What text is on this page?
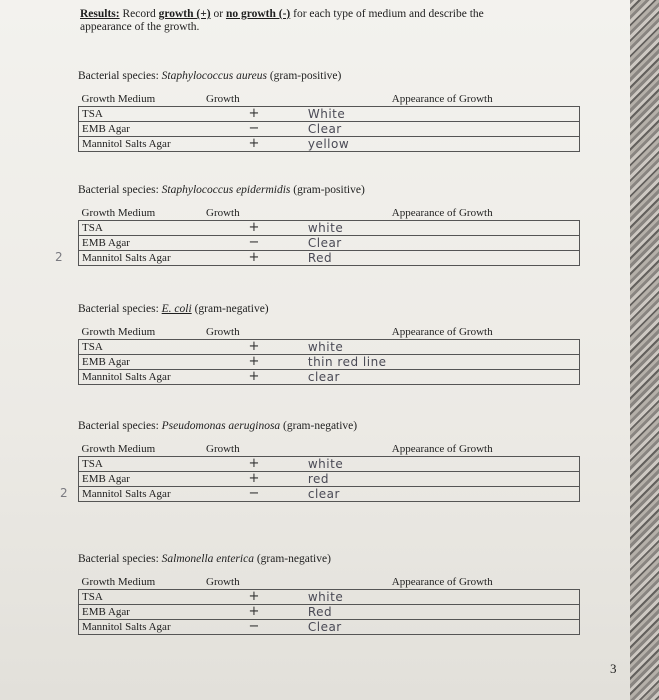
Results: Record growth (+) or no growth (-) for each type of medium and describe the appearance of the growth.
Bacterial species: Staphylococcus aureus (gram-positive)
Growth Medium	Growth	Appearance of Growth
TSA	+	White
EMB Agar	−	Clear
Mannitol Salts Agar	+	yellow
Bacterial species: Staphylococcus epidermidis (gram-positive)
Growth Medium	Growth	Appearance of Growth
TSA	+	white
EMB Agar	−	Clear
Mannitol Salts Agar	+	Red
2
Bacterial species: E. coli (gram-negative)
Growth Medium	Growth	Appearance of Growth
TSA	+	white
EMB Agar	+	thin red line
Mannitol Salts Agar	+	clear
Bacterial species: Pseudomonas aeruginosa (gram-negative)
Growth Medium	Growth	Appearance of Growth
TSA	+	white
EMB Agar	+	red
Mannitol Salts Agar	−	clear
2
Bacterial species: Salmonella enterica (gram-negative)
Growth Medium	Growth	Appearance of Growth
TSA	+	white
EMB Agar	+	Red
Mannitol Salts Agar	−	Clear
3
